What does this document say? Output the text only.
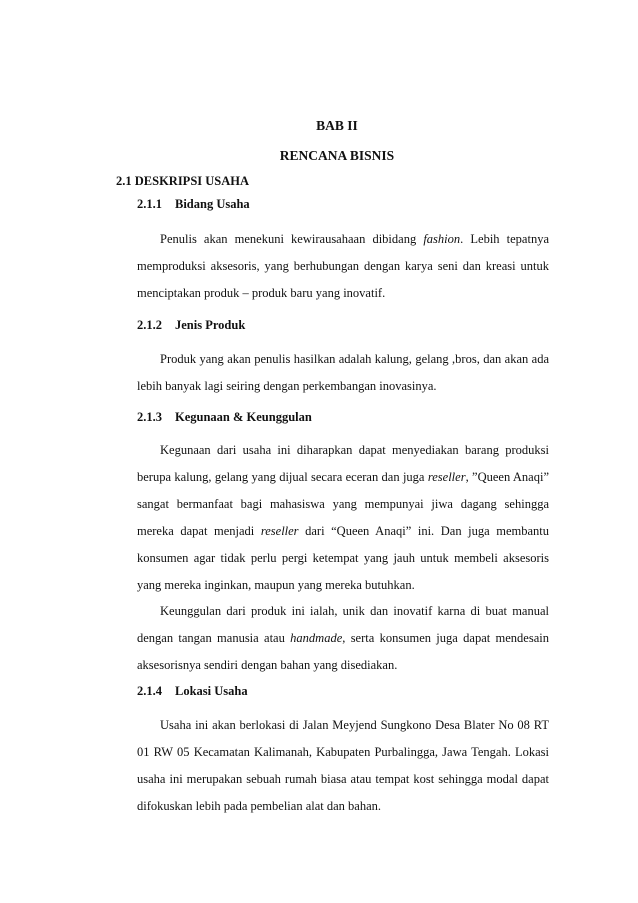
BAB II
RENCANA BISNIS
2.1 DESKRIPSI USAHA
2.1.1 Bidang Usaha

Penulis akan menekuni kewirausahaan dibidang fashion. Lebih tepatnya memproduksi aksesoris, yang berhubungan dengan karya seni dan kreasi untuk menciptakan produk – produk baru yang inovatif.

2.1.2 Jenis Produk

Produk yang akan penulis hasilkan adalah kalung, gelang ,bros, dan akan ada lebih banyak lagi seiring dengan perkembangan inovasinya.

2.1.3 Kegunaan & Keunggulan

Kegunaan dari usaha ini diharapkan dapat menyediakan barang produksi berupa kalung, gelang yang dijual secara eceran dan juga reseller, ”Queen Anaqi” sangat bermanfaat bagi mahasiswa yang mempunyai jiwa dagang sehingga mereka dapat menjadi reseller dari “Queen Anaqi” ini. Dan juga membantu konsumen agar tidak perlu pergi ketempat yang jauh untuk membeli aksesoris yang mereka inginkan, maupun yang mereka butuhkan.

Keunggulan dari produk ini ialah, unik dan inovatif karna di buat manual dengan tangan manusia atau handmade, serta konsumen juga dapat mendesain aksesorisnya sendiri dengan bahan yang disediakan.

2.1.4 Lokasi Usaha

Usaha ini akan berlokasi di Jalan Meyjend Sungkono Desa Blater No 08 RT 01 RW 05 Kecamatan Kalimanah, Kabupaten Purbalingga, Jawa Tengah. Lokasi usaha ini merupakan sebuah rumah biasa atau tempat kost sehingga modal dapat difokuskan lebih pada pembelian alat dan bahan.
